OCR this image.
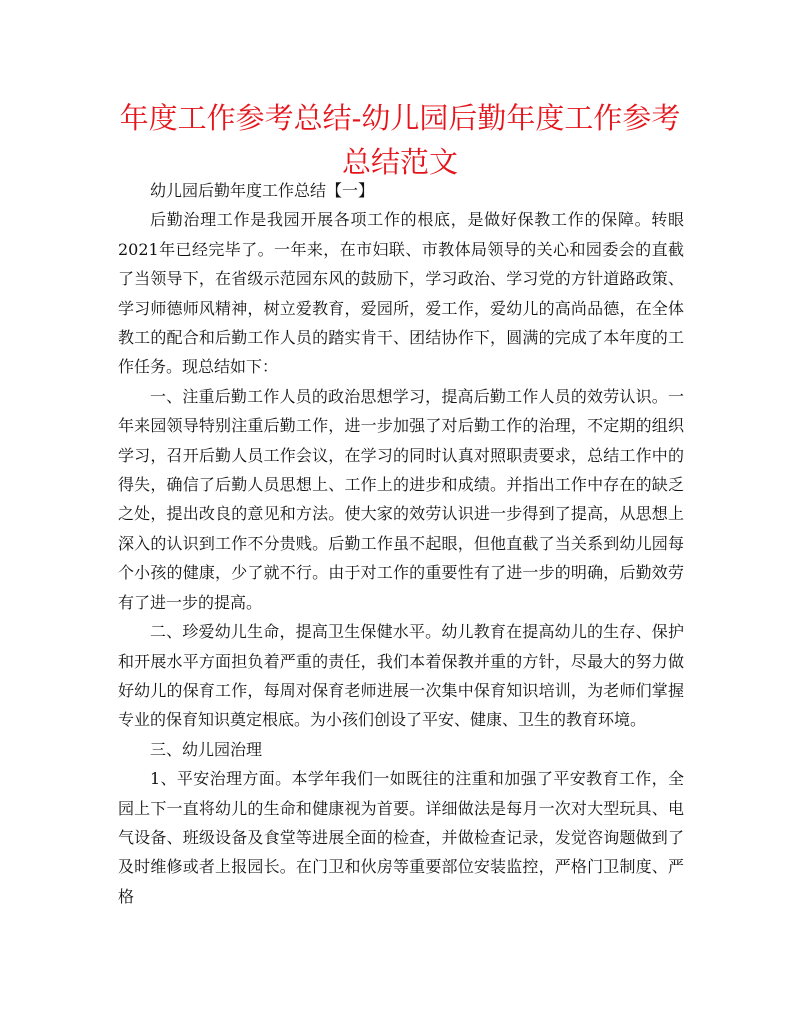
年度工作参考总结-幼儿园后勤年度工作参考总结范文

幼儿园后勤年度工作总结【一】

后勤治理工作是我园开展各项工作的根底，是做好保教工作的保障。转眼2021年已经完毕了。一年来，在市妇联、市教体局领导的关心和园委会的直截了当领导下，在省级示范园东风的鼓励下，学习政治、学习党的方针道路政策、学习师德师风精神，树立爱教育，爱园所，爱工作，爱幼儿的高尚品德，在全体教工的配合和后勤工作人员的踏实肯干、团结协作下，圆满的完成了本年度的工作任务。现总结如下：

一、注重后勤工作人员的政治思想学习，提高后勤工作人员的效劳认识。一年来园领导特别注重后勤工作，进一步加强了对后勤工作的治理，不定期的组织学习，召开后勤人员工作会议，在学习的同时认真对照职责要求，总结工作中的得失，确信了后勤人员思想上、工作上的进步和成绩。并指出工作中存在的缺乏之处，提出改良的意见和方法。使大家的效劳认识进一步得到了提高，从思想上深入的认识到工作不分贵贱。后勤工作虽不起眼，但他直截了当关系到幼儿园每个小孩的健康，少了就不行。由于对工作的重要性有了进一步的明确，后勤效劳有了进一步的提高。

二、珍爱幼儿生命，提高卫生保健水平。幼儿教育在提高幼儿的生存、保护和开展水平方面担负着严重的责任，我们本着保教并重的方针，尽最大的努力做好幼儿的保育工作，每周对保育老师进展一次集中保育知识培训，为老师们掌握专业的保育知识奠定根底。为小孩们创设了平安、健康、卫生的教育环境。

三、幼儿园治理

1、平安治理方面。本学年我们一如既往的注重和加强了平安教育工作，全园上下一直将幼儿的生命和健康视为首要。详细做法是每月一次对大型玩具、电气设备、班级设备及食堂等进展全面的检查，并做检查记录，发觉咨询题做到了及时维修或者上报园长。在门卫和伙房等重要部位安装监控，严格门卫制度、严格
